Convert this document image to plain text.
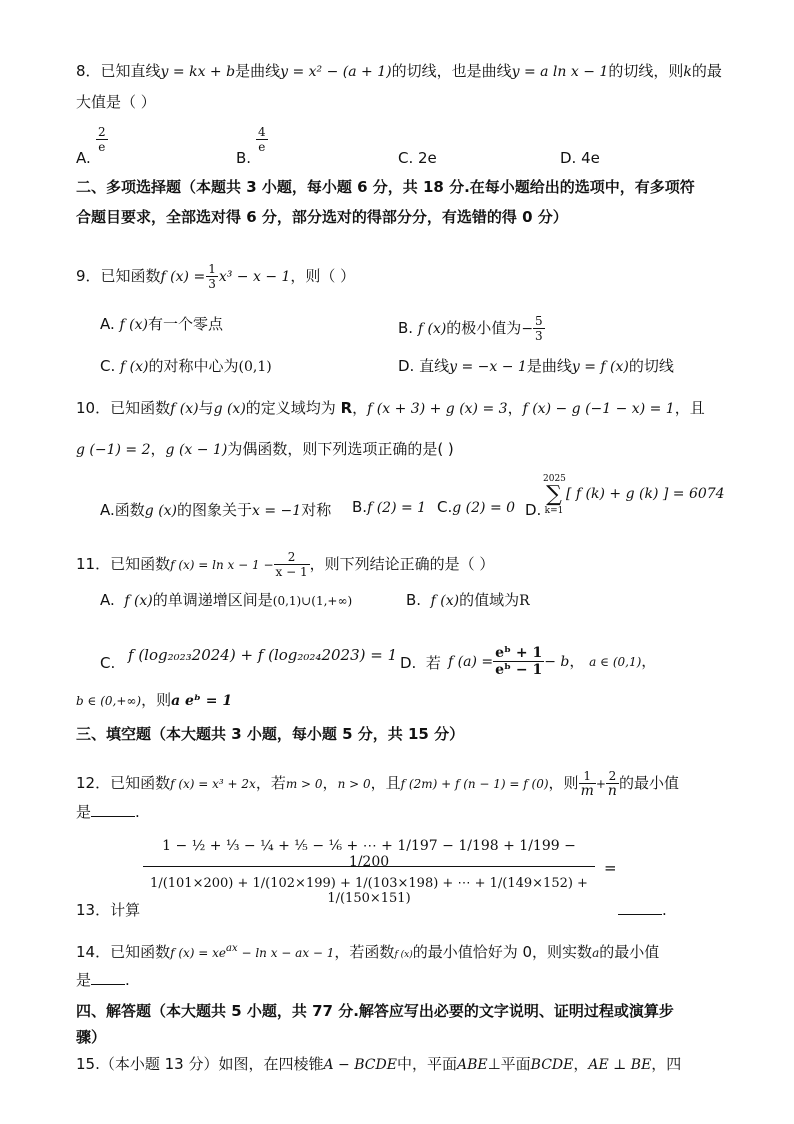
8．已知直线y = kx + b是曲线y = x² − (a + 1)的切线，也是曲线y = a ln x − 1的切线，则k的最
大值是（ ）
A.
$\frac{2}{e}$
B.
$\frac{4}{e}$
C. 2e	D. 4e
二、多项选择题（本题共 3 小题，每小题 6 分，共 18 分.在每小题给出的选项中，有多项符
合题目要求，全部选对得 6 分，部分选对的得部分分，有选错的得 0 分）
9．已知函数f $(x) = \frac{1}{3} x^3 - x - 1$，则（ ）
A. f (x)有一个零点	B. f (x)的极小值为− $\frac{5}{3}$
C. f (x)的对称中心为(0,1)	D. 直线y = −x − 1是曲线y = f (x)的切线
10．已知函数f (x)与g (x)的定义域均为 R，f (x + 3) + g (x) = 3，f (x) − g (−1 − x) = 1，且
g (−1) = 2，g (x − 1)为偶函数，则下列选项正确的是( )
A.函数g (x)的图象关于x = −1对称 B.f (2) = 1 C.g (2) = 0 D.
2025
∑
k=1
[ f (k) + g (k) ] = 6074
11．已知函数f $(x) = \ln x - 1 - \frac{2}{x - 1}$ ，则下列结论正确的是（ ）
A. f (x)的单调递增区间是(0,1)∪(1,+∞)	B. f (x)的值域为R
C. f (log₂₀₂₃2024) + f (log₂₀₂₄2023) = 1 D. 若 f $(a) = \frac{\text{eᵇ + 1}}{\text{eᵇ − 1}} - b$， a ∈ (0,1)，
b ∈ (0,+∞)，则a eᵇ = 1
三、填空题（本大题共 3 小题，每小题 5 分，共 15 分）
12．已知函数f (x) = x³ + 2x，若m > 0，n > 0，且f (2m) + f (n − 1) = f (0)，则 $\frac{1}{m} + \frac{2}{n}$ 的最小值
是	.
13．计算
1 − ½ + ⅓ − ¼ + ⅕ − ⅙ + ⋯ + 1/197 − 1/198 + 1/199 − 1/200
1/(101×200) + 1/(102×199) + 1/(103×198) + ⋯ + 1/(149×152) + 1/(150×151)
=
.
14．已知函数f $(x) = xe^{ax} - \ln x$ − ax − 1，若函数f (x)的最小值恰好为 0，则实数a的最小值
是 .
四、解答题（本大题共 5 小题，共 77 分.解答应写出必要的文字说明、证明过程或演算步
骤）
15.（本小题 13 分）如图，在四棱锥A − BCDE中，平面ABE⊥平面BCDE，AE ⊥ BE，四
